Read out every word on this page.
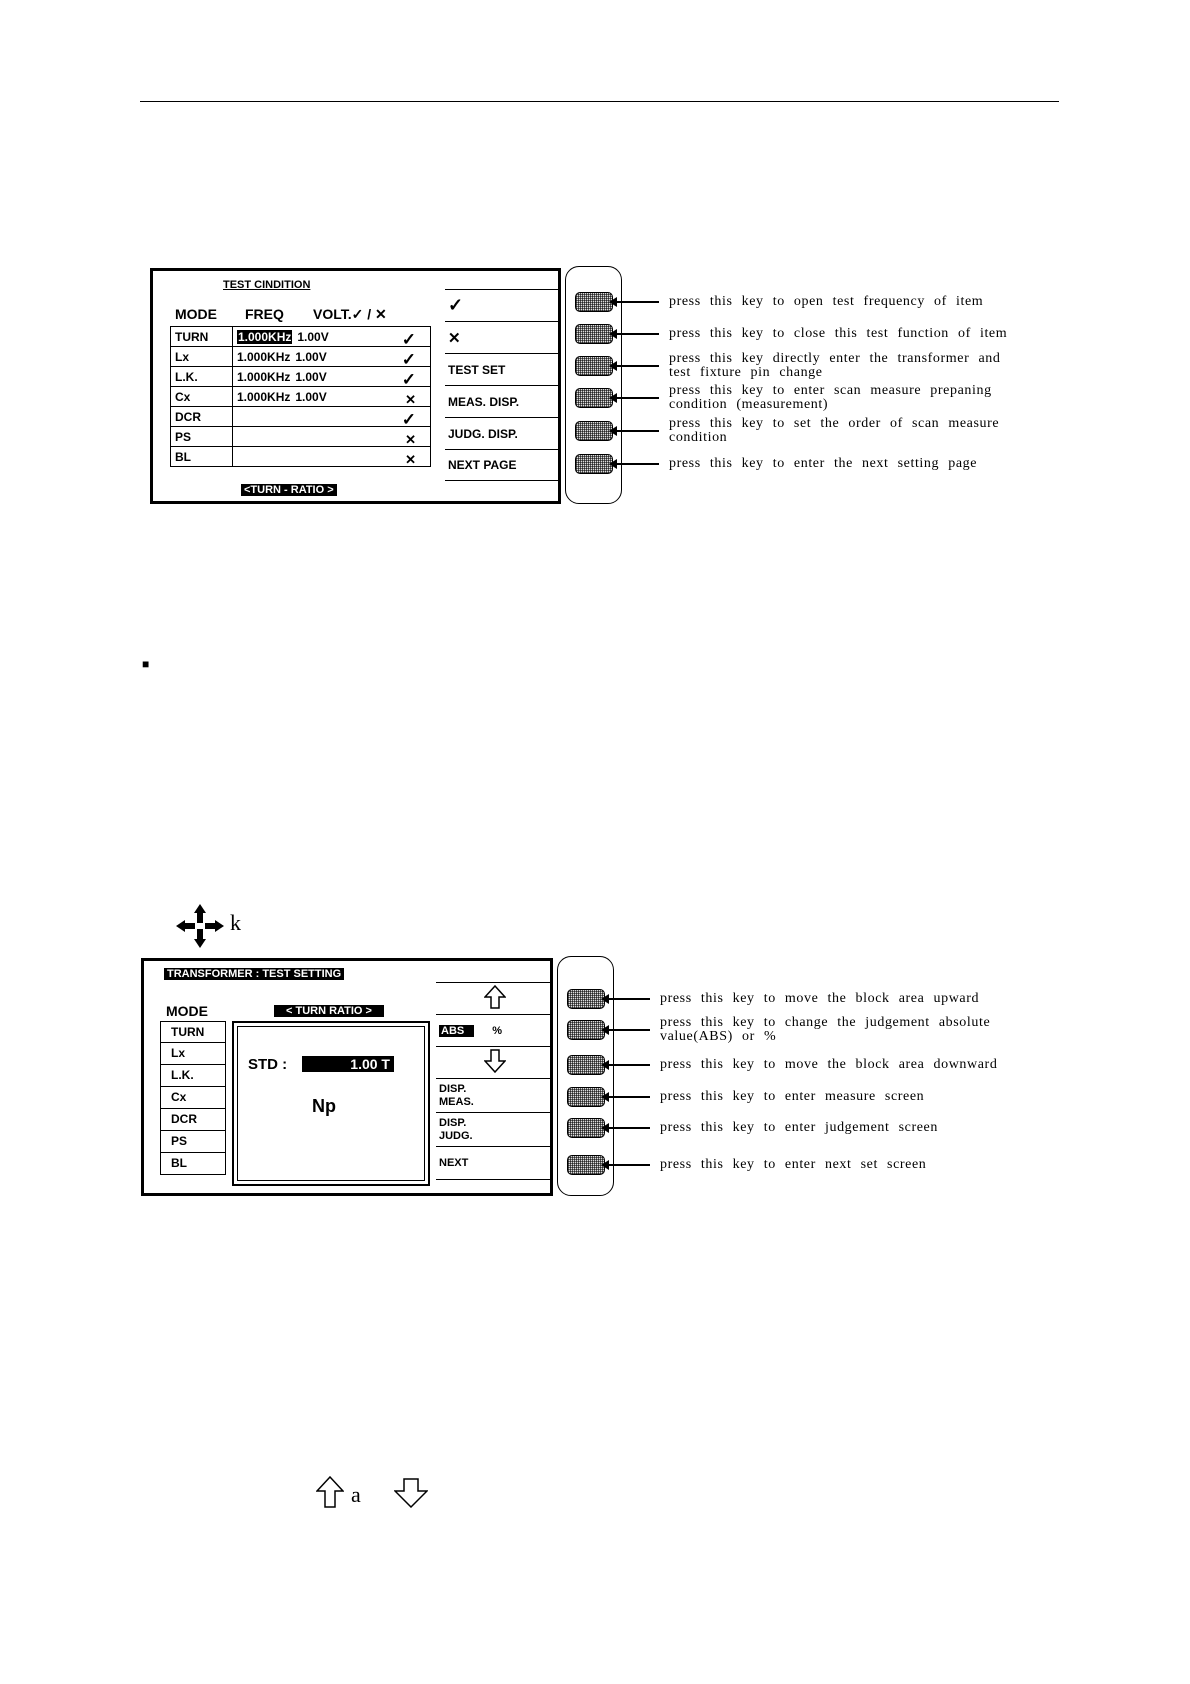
TEST CINDITION
MODE FREQ VOLT.✓ / ✕
TURN	1.000KHz 1.00V ✓

Lx	1.000KHz 1.00V ✓

L.K.	1.000KHz 1.00V ✓

Cx	1.000KHz 1.00V ✕

DCR	✓

PS	✕

BL	✕
<TURN - RATIO >
✓
✕
TEST SET
MEAS. DISP.
JUDG. DISP.
NEXT PAGE
press this key to open test frequency of item
press this key to close this test function of item
press this key directly enter the transformer and
test fixture pin change
press this key to enter scan measure prepaning
condition (measurement)
press this key to set the order of scan measure
condition
press this key to enter the next setting page
■
k
TRANSFORMER : TEST SETTING
MODE	< TURN RATIO >
TURN
Lx
L.K.
Cx
DCR
PS
BL
STD :	1.00 T
Np
ABS	%
DISP.
MEAS.
DISP.
JUDG.
NEXT
press this key to move the block area upward
press this key to change the judgement absolute
value(ABS) or %
press this key to move the block area downward
press this key to enter measure screen
press this key to enter judgement screen
press this key to enter next set screen
a
